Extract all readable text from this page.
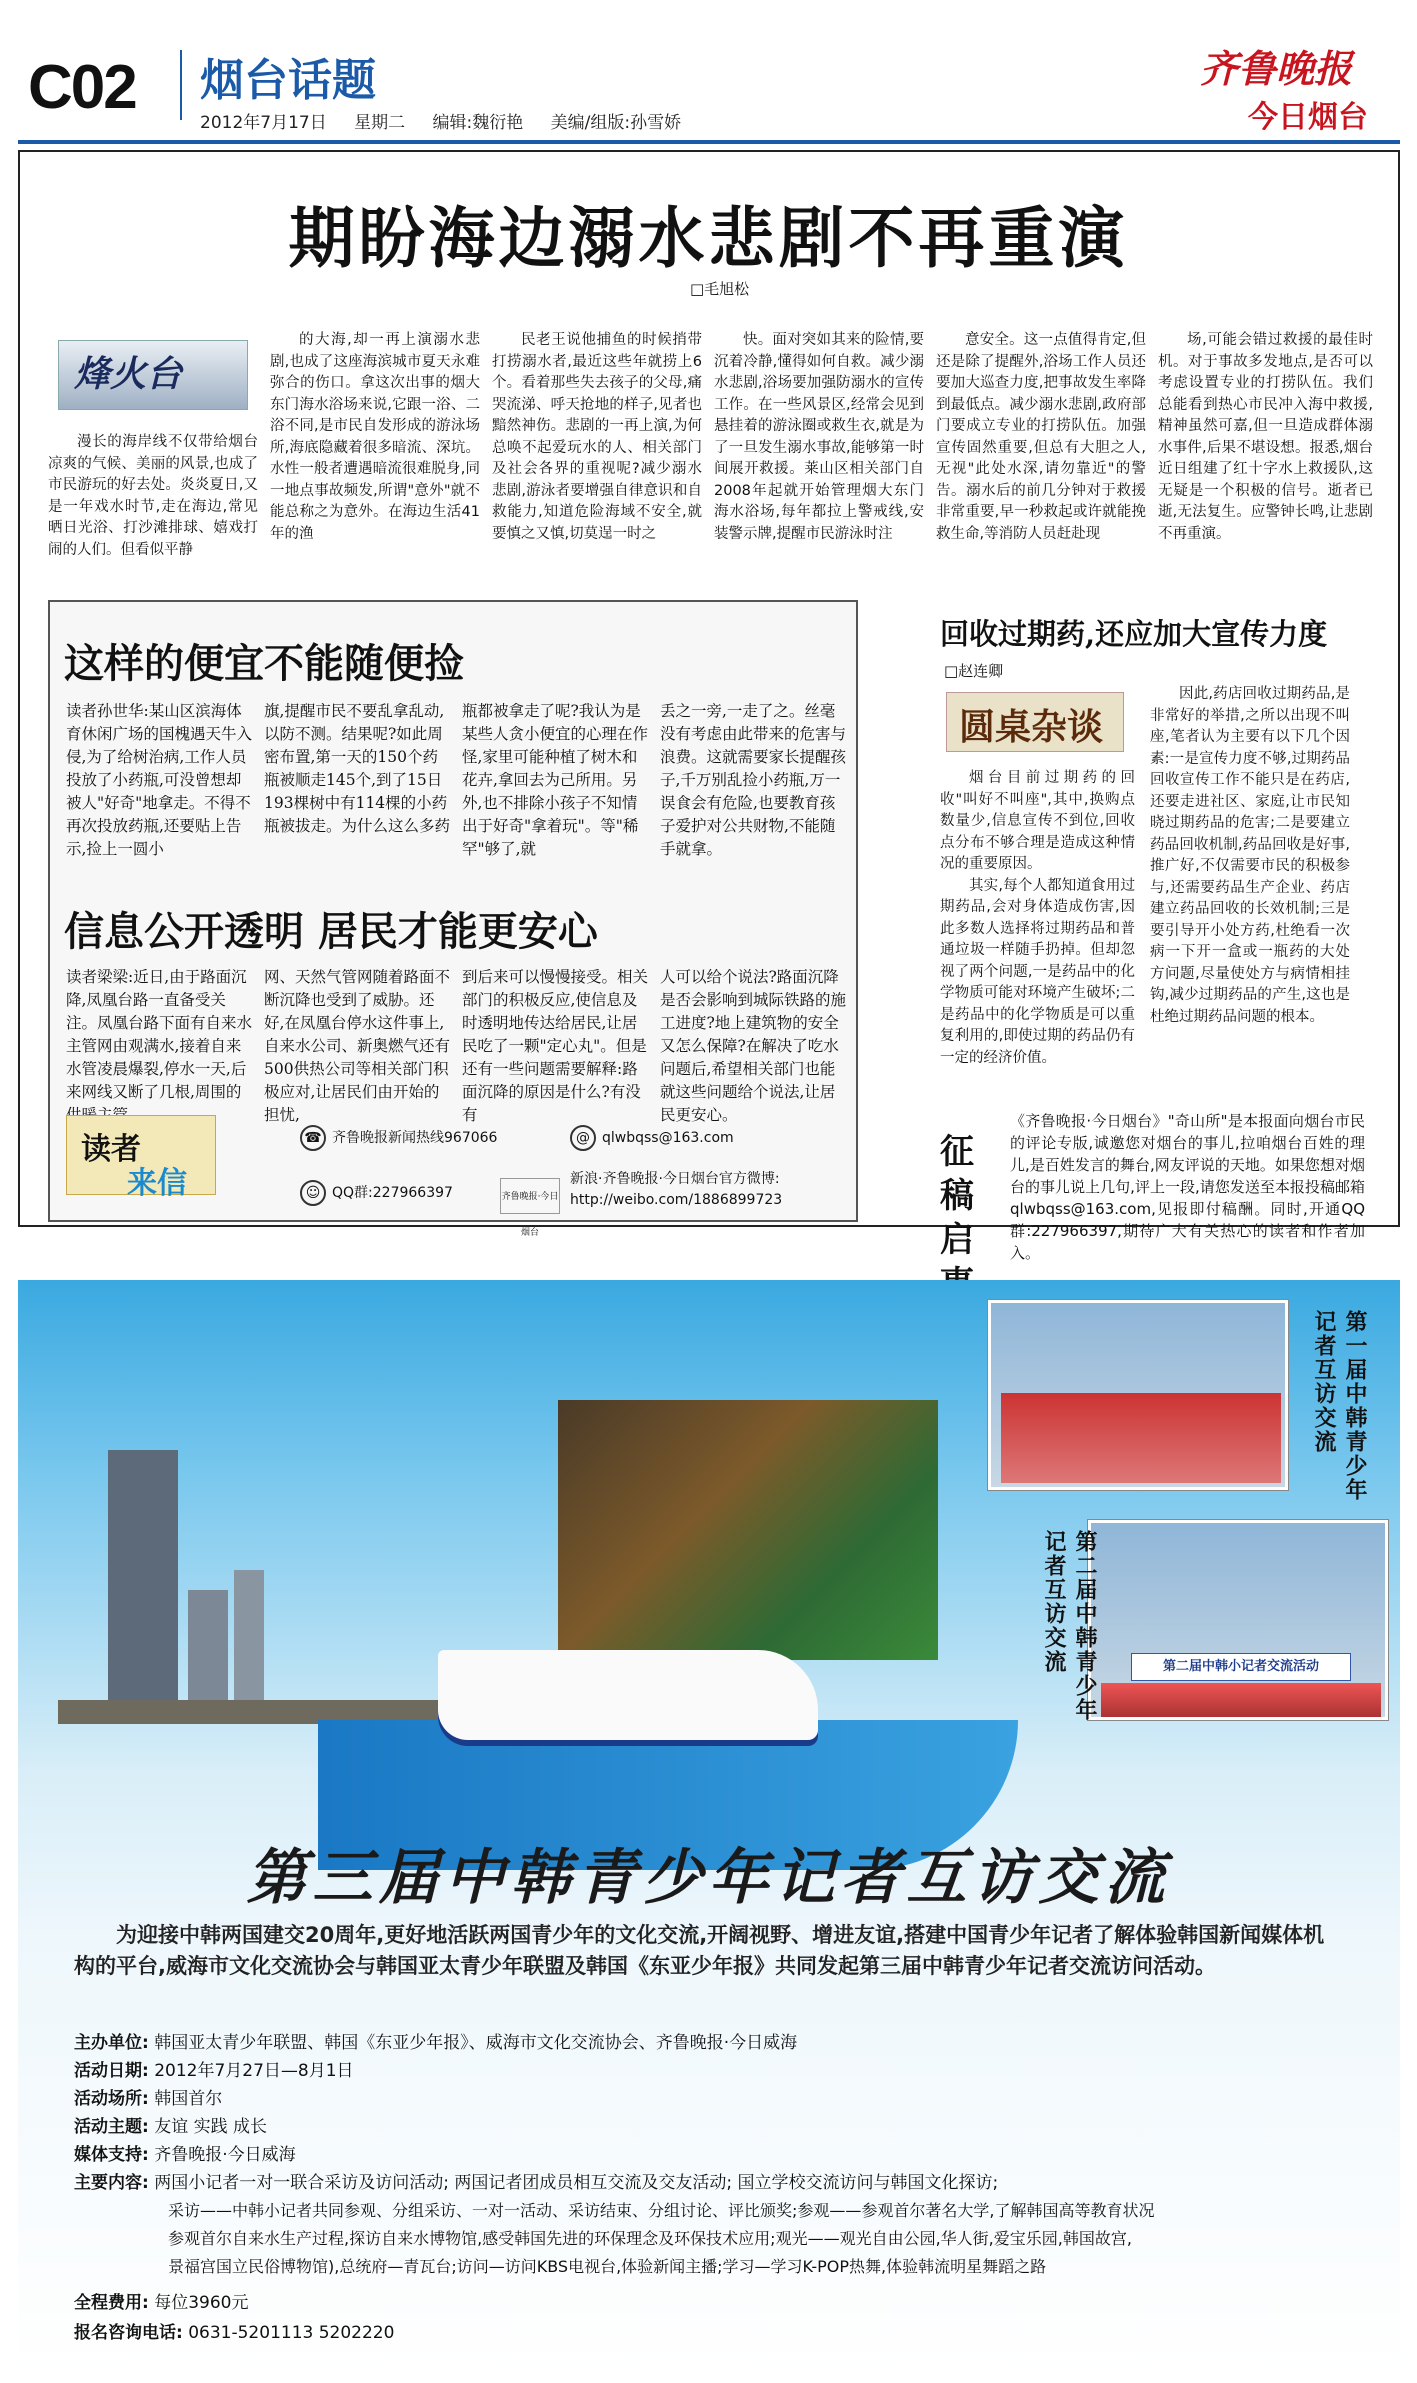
C02 烟台话题
2012年7月17日 星期二 编辑:魏衍艳 美编/组版:孙雪娇
齐鲁晚报
今日烟台
期盼海边溺水悲剧不再重演
□毛旭松
烽火台

漫长的海岸线不仅带给烟台凉爽的气候、美丽的风景,也成了市民游玩的好去处。炎炎夏日,又是一年戏水时节,走在海边,常见晒日光浴、打沙滩排球、嬉戏打闹的人们。但看似平静

的大海,却一再上演溺水悲剧,也成了这座海滨城市夏天永难弥合的伤口。拿这次出事的烟大东门海水浴场来说,它跟一浴、二浴不同,是市民自发形成的游泳场所,海底隐藏着很多暗流、深坑。水性一般者遭遇暗流很难脱身,同一地点事故频发,所谓"意外"就不能总称之为意外。在海边生活41年的渔

民老王说他捕鱼的时候捎带打捞溺水者,最近这些年就捞上6个。看着那些失去孩子的父母,痛哭流涕、呼天抢地的样子,见者也黯然神伤。悲剧的一再上演,为何总唤不起爱玩水的人、相关部门及社会各界的重视呢?减少溺水悲剧,游泳者要增强自律意识和自救能力,知道危险海域不安全,就要慎之又慎,切莫逞一时之

快。面对突如其来的险情,要沉着冷静,懂得如何自救。减少溺水悲剧,浴场要加强防溺水的宣传工作。在一些风景区,经常会见到悬挂着的游泳圈或救生衣,就是为了一旦发生溺水事故,能够第一时间展开救援。莱山区相关部门自2008年起就开始管理烟大东门海水浴场,每年都拉上警戒线,安装警示牌,提醒市民游泳时注

意安全。这一点值得肯定,但还是除了提醒外,浴场工作人员还要加大巡查力度,把事故发生率降到最低点。减少溺水悲剧,政府部门要成立专业的打捞队伍。加强宣传固然重要,但总有大胆之人,无视"此处水深,请勿靠近"的警告。溺水后的前几分钟对于救援非常重要,早一秒救起或许就能挽救生命,等消防人员赶赴现

场,可能会错过救援的最佳时机。对于事故多发地点,是否可以考虑设置专业的打捞队伍。我们总能看到热心市民冲入海中救援,精神虽然可嘉,但一旦造成群体溺水事件,后果不堪设想。报悉,烟台近日组建了红十字水上救援队,这无疑是一个积极的信号。逝者已逝,无法复生。应警钟长鸣,让悲剧不再重演。

这样的便宜不能随便捡
读者孙世华:某山区滨海体育休闲广场的国槐遇天牛入侵,为了给树治病,工作人员投放了小药瓶,可没曾想却被人"好奇"地拿走。不得不再次投放药瓶,还要贴上告示,捡上一圆小
旗,提醒市民不要乱拿乱动,以防不测。结果呢?如此周密布置,第一天的150个药瓶被顺走145个,到了15日193棵树中有114棵的小药瓶被拔走。为什么这么多药
瓶都被拿走了呢?我认为是某些人贪小便宜的心理在作怪,家里可能种植了树木和花卉,拿回去为己所用。另外,也不排除小孩子不知情出于好奇"拿着玩"。等"稀罕"够了,就
丢之一旁,一走了之。丝毫没有考虑由此带来的危害与浪费。这就需要家长提醒孩子,千万别乱捡小药瓶,万一误食会有危险,也要教育孩子爱护对公共财物,不能随手就拿。
信息公开透明 居民才能更安心
读者梁梁:近日,由于路面沉降,凤凰台路一直备受关注。凤凰台路下面有自来水主管网由观满水,接着自来水管凌晨爆裂,停水一天,后来网线又断了几根,周围的
网、天然气管网随着路面不断沉降也受到了威胁。还好,在凤凰台停水这件事上,自来水公司、新奥燃气还有500供热公司等相关部门积极应对,让居民们由开始的担忧,
到后来可以慢慢接受。相关部门的积极反应,使信息及时透明地传达给居民,让居民吃了一颗"定心丸"。但是还有一些问题需要解释:路面沉降的原因是什么?有没有
人可以给个说法?路面沉降是否会影响到城际铁路的施工进度?地上建筑物的安全又怎么保障?在解决了吃水问题后,希望相关部门也能就这些问题给个说法,让居民更安心。
读者
来信
☎ 齐鲁晚报新闻热线967066	@ qlwbqss@163.com
☺ QQ群:227966397	齐鲁晚报·今日烟台
新浪·齐鲁晚报·今日烟台官方微博:
http://weibo.com/1886899723
回收过期药,还应加大宣传力度
□赵连卿
圆桌杂谈

烟台目前过期药的回收"叫好不叫座",其中,换购点数量少,信息宣传不到位,回收点分布不够合理是造成这种情况的重要原因。

其实,每个人都知道食用过期药品,会对身体造成伤害,因此多数人选择将过期药品和普通垃圾一样随手扔掉。但却忽视了两个问题,一是药品中的化学物质可能对环境产生破坏;二是药品中的化学物质是可以重复利用的,即使过期的药品仍有一定的经济价值。

因此,药店回收过期药品,是非常好的举措,之所以出现不叫座,笔者认为主要有以下几个因素:一是宣传力度不够,过期药品回收宣传工作不能只是在药店,还要走进社区、家庭,让市民知晓过期药品的危害;二是要建立药品回收机制,药品回收是好事,推广好,不仅需要市民的积极参与,还需要药品生产企业、药店建立药品回收的长效机制;三是要引导开小处方药,杜绝看一次病一下开一盒或一瓶药的大处方问题,尽量使处方与病情相挂钩,减少过期药品的产生,这也是杜绝过期药品问题的根本。

征稿启
《齐鲁晚报·今日烟台》"奇山所"是本报面向烟台市民的评论专版,诚邀您对烟台的事儿,拉咱烟台百姓的理儿,是百姓发言的舞台,网友评说的天地。如果您想对烟台的事儿说上几句,评上一段,请您发送至本报投稿邮箱qlwbqss@163.com,见报即付稿酬。同时,开通QQ群:227966397,期待广大有关热心的读者和作者加入。
第一届中韩青少年记者互访交流
第二届中韩小记者交流活动
第二届中韩青少年记者互访交流
第三届中韩青少年记者互访交流
为迎接中韩两国建交20周年,更好地活跃两国青少年的文化交流,开阔视野、增进友谊,搭建中国青少年记者了解体验韩国新闻媒体机构的平台,威海市文化交流协会与韩国亚太青少年联盟及韩国《东亚少年报》共同发起第三届中韩青少年记者交流访问活动。
主办单位: 韩国亚太青少年联盟、韩国《东亚少年报》、威海市文化交流协会、齐鲁晚报·今日威海
活动日期: 2012年7月27日—8月1日
活动场所: 韩国首尔
活动主题: 友谊 实践 成长
媒体支持: 齐鲁晚报·今日威海
主要内容: 两国小记者一对一联合采访及访问活动; 两国记者团成员相互交流及交友活动; 国立学校交流访问与韩国文化探访;
采访——中韩小记者共同参观、分组采访、一对一活动、采访结束、分组讨论、评比颁奖;参观——参观首尔著名大学,了解韩国高等教育状况
参观首尔自来水生产过程,探访自来水博物馆,感受韩国先进的环保理念及环保技术应用;观光——观光自由公园,华人街,爱宝乐园,韩国故宫,
景福宫国立民俗博物馆),总统府—青瓦台;访问—访问KBS电视台,体验新闻主播;学习—学习K-POP热舞,体验韩流明星舞蹈之路
全程费用: 每位3960元
报名咨询电话: 0631-5201113 5202220
